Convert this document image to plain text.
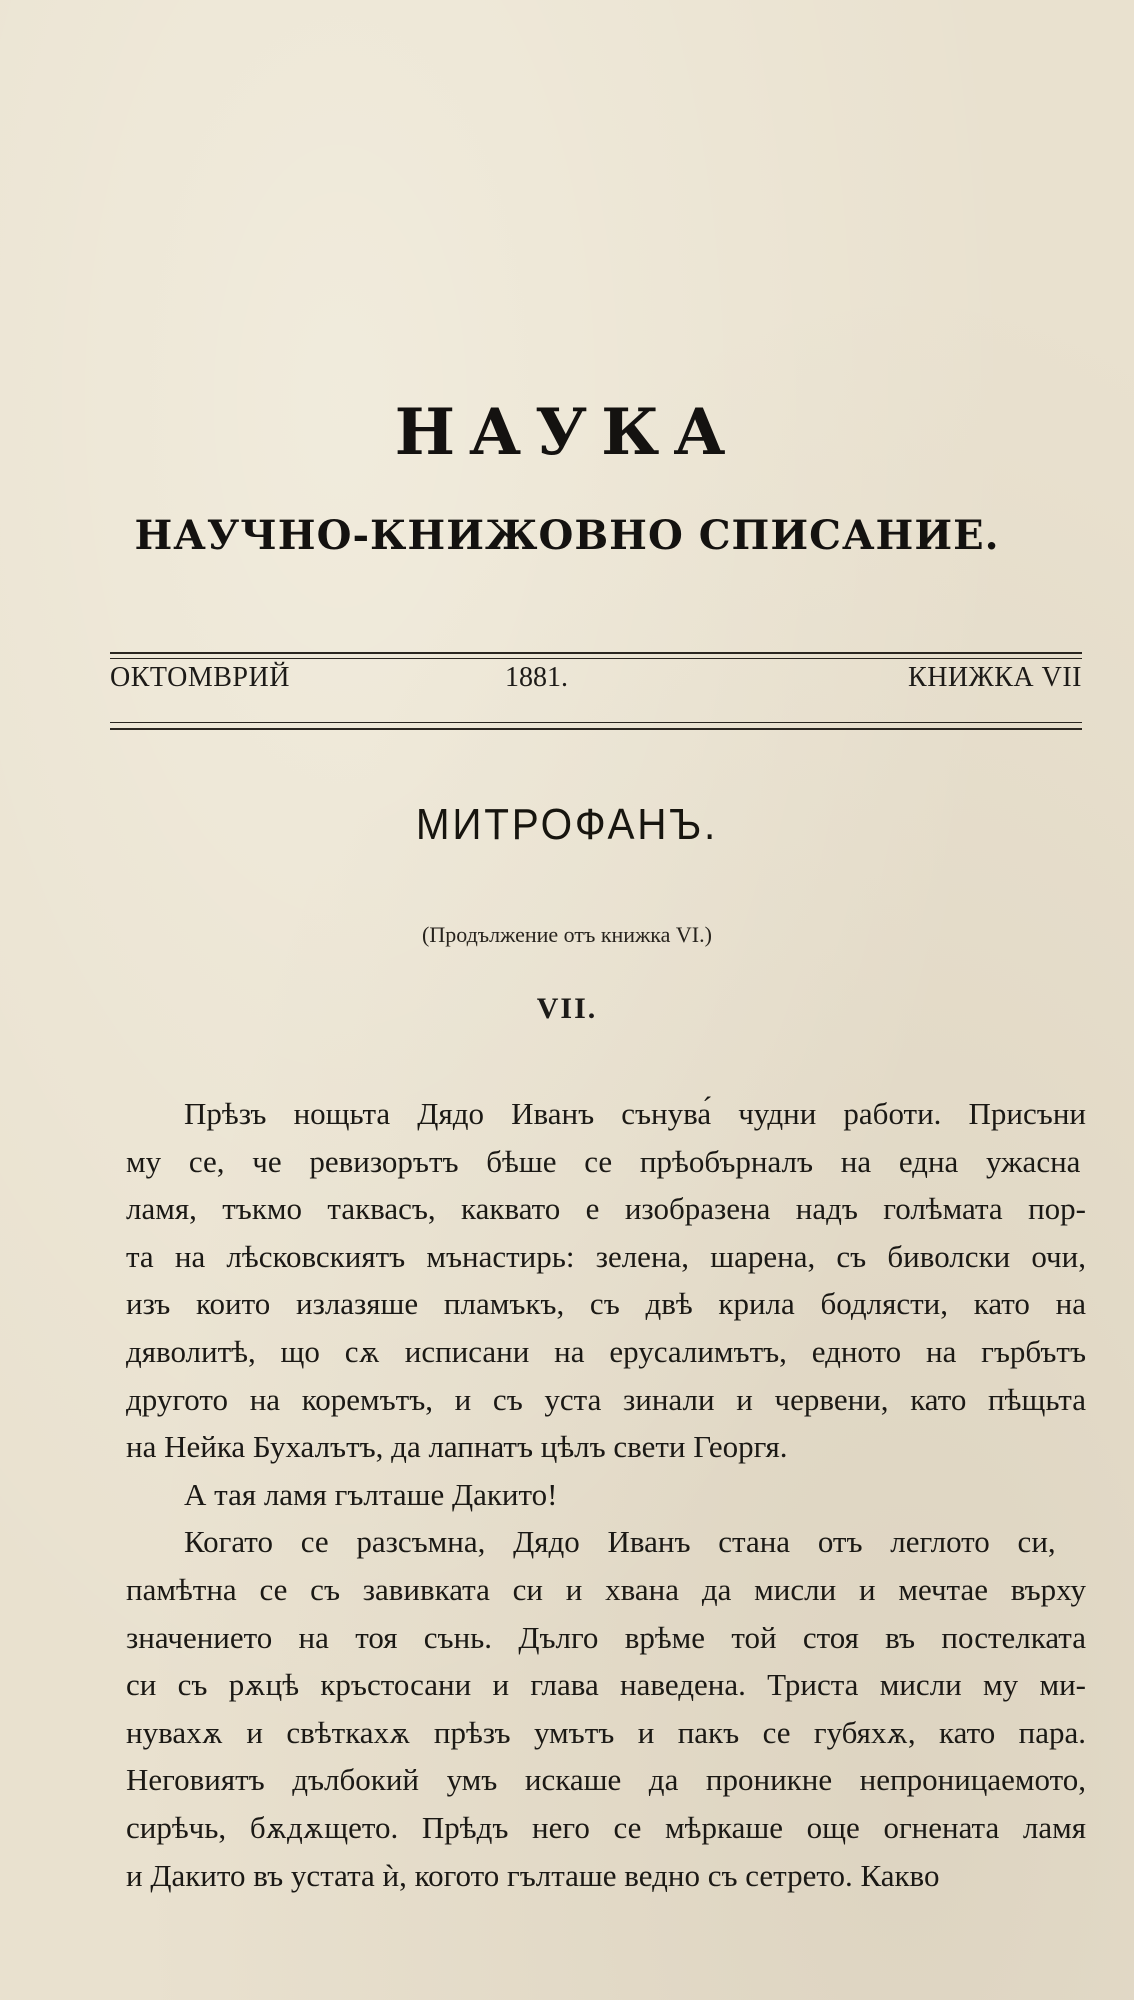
НАУКА
НАУЧНО-КНИЖОВНО СПИСАНИЕ.
ОКТОМВРИЙ	1881.	КНИЖКА VII
МИТРОФАНЪ.
(Продължение отъ книжка VI.)
VII.
Прѣзъ нощьта Дядо Иванъ сънува́ чудни работи. Присъни
му се, че ревизорътъ бѣше се прѣобърналъ на една ужасна
ламя, тъкмо таквасъ, каквато е изобразена надъ голѣмата пор-
та на лѣсковскиятъ мънастирь: зелена, шарена, съ биволски очи,
изъ които излазяше пламъкъ, съ двѣ крила бодлясти, като на
дяволитѣ, що сѫ исписани на ерусалимътъ, едното на гърбътъ
другото на коремътъ, и съ уста зинали и червени, като пѣщьта
на Нейка Бухалътъ, да лапнатъ цѣлъ свети Георгя.
А тая ламя гълташе Дакито!
Когато се разсъмна, Дядо Иванъ стана отъ леглото си,
памѣтна се съ завивката си и хвана да мисли и мечтае върху
значението на тоя сънь. Дълго врѣме той стоя въ постелката
си съ рѫцѣ кръстосани и глава наведена. Триста мисли му ми-
нувахѫ и свѣткахѫ прѣзъ умътъ и пакъ се губяхѫ, като пара.
Неговиятъ дълбокий умъ искаше да проникне непроницаемото,
сирѣчь, бѫдѫщето. Прѣдъ него се мѣркаше още огнената ламя
и Дакито въ устата ѝ, когото гълташе ведно съ сетрето. Какво
